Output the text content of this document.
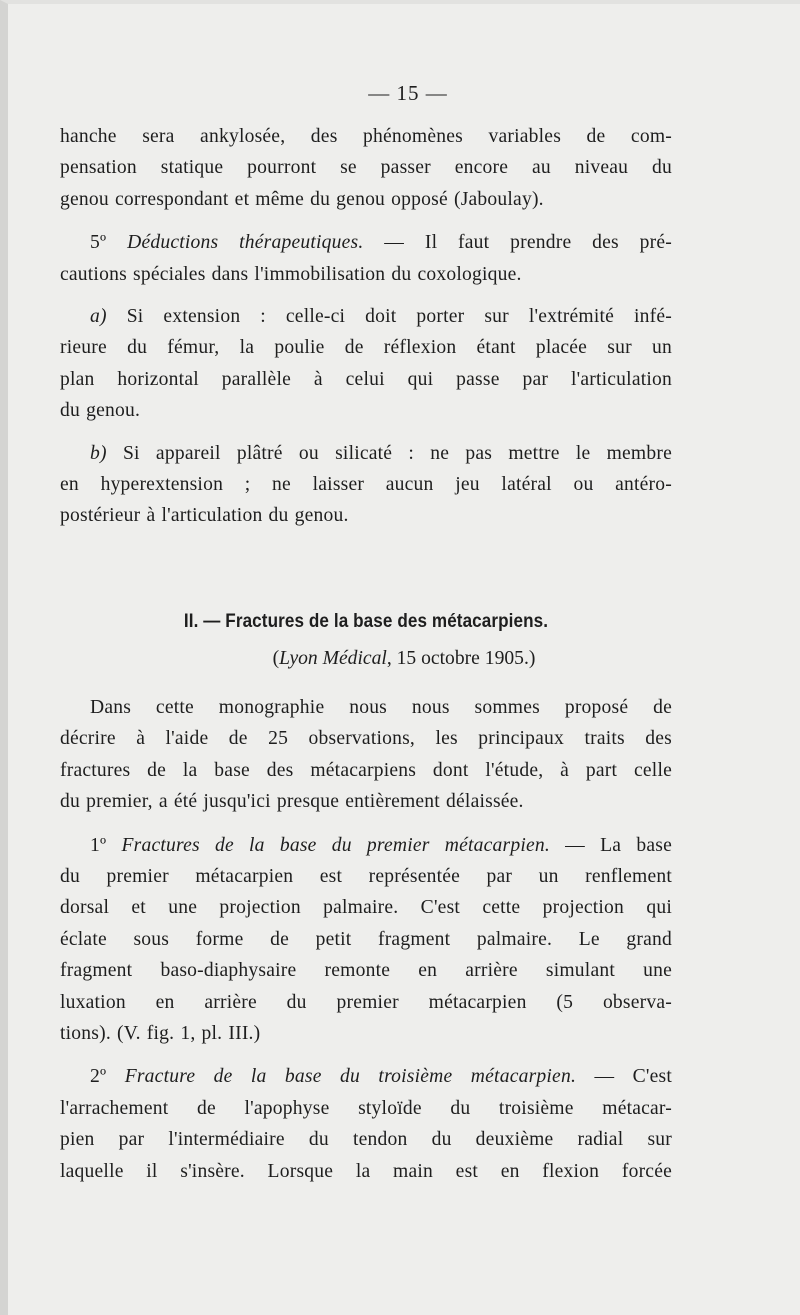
— 15 —

hanche sera ankylosée, des phénomènes variables de com-

pensation statique pourront se passer encore au niveau du

genou correspondant et même du genou opposé (Jaboulay).

5º Déductions thérapeutiques. — Il faut prendre des pré-

cautions spéciales dans l'immobilisation du coxologique.

a) Si extension : celle-ci doit porter sur l'extrémité infé-

rieure du fémur, la poulie de réflexion étant placée sur un

plan horizontal parallèle à celui qui passe par l'articulation

du genou.

b) Si appareil plâtré ou silicaté : ne pas mettre le membre

en hyperextension ; ne laisser aucun jeu latéral ou antéro-

postérieur à l'articulation du genou.

II. — Fractures de la base des métacarpiens.
(Lyon Médical, 15 octobre 1905.)

Dans cette monographie nous nous sommes proposé de

décrire à l'aide de 25 observations, les principaux traits des

fractures de la base des métacarpiens dont l'étude, à part celle

du premier, a été jusqu'ici presque entièrement délaissée.

1º Fractures de la base du premier métacarpien. — La base

du premier métacarpien est représentée par un renflement

dorsal et une projection palmaire. C'est cette projection qui

éclate sous forme de petit fragment palmaire. Le grand

fragment baso-diaphysaire remonte en arrière simulant une

luxation en arrière du premier métacarpien (5 observa-

tions). (V. fig. 1, pl. III.)

2º Fracture de la base du troisième métacarpien. — C'est

l'arrachement de l'apophyse styloïde du troisième métacar-

pien par l'intermédiaire du tendon du deuxième radial sur

laquelle il s'insère. Lorsque la main est en flexion forcée
